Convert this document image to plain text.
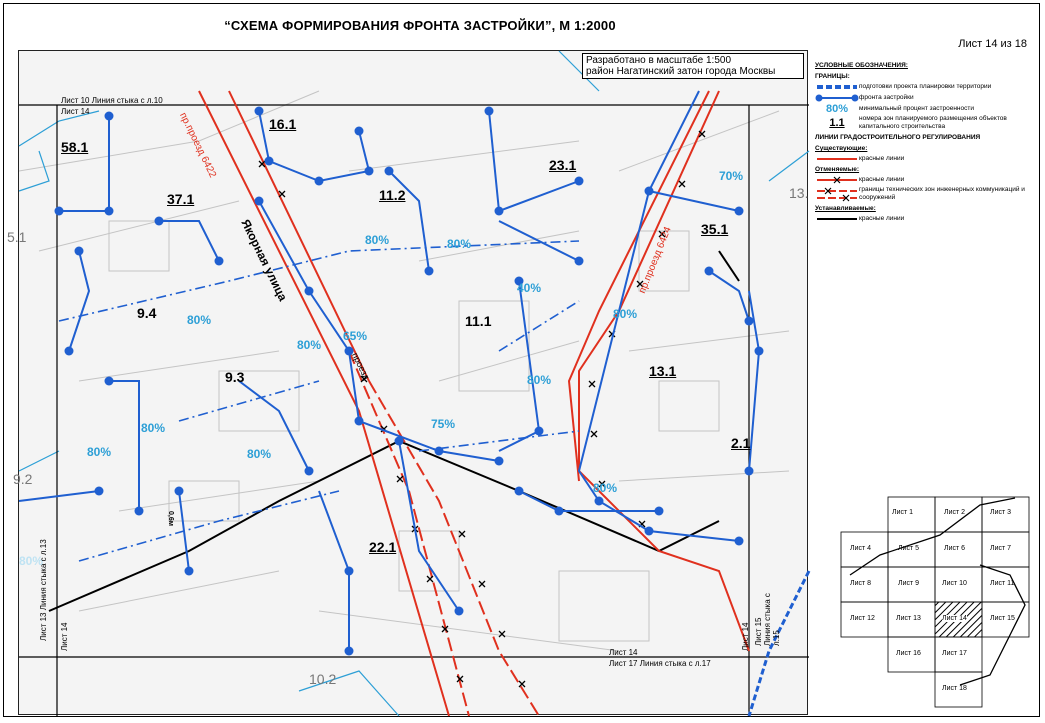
“СХЕМА ФОРМИРОВАНИЯ ФРОНТА ЗАСТРОЙКИ”, М 1:2000
Лист 14 из 18
16.1
58.1
23.1
11.2
37.1
35.1
9.4	11.1
9.3	13.1
2.1
22.1
5.1
13.
9.2
10.2
70%
80%	80%
80%
40%
80%
65%
80%
80%
80%	75%
80%	80%
80%
80%
пр.проезд 6422
Якорная улица	пр.проезд 6424
проезд
Лист 10 Линия стыка с л.10
Лист 14
Лист 13 Линия стыка с л.13 Лист 14	Лист 15 Линия стыка с л.15
Лист 14
Лист 17 Линия стыка с л.17
Лист 14
0,6м
Разработано в масштабе 1:500
район Нагатинский затон города Москвы
УСЛОВНЫЕ ОБОЗНАЧЕНИЯ:
ГРАНИЦЫ:
подготовки проекта планировки территории
фронта застройки
80%	минимальный процент застроенности
1.1	номера зон планируемого размещения объектов капитального строительства
ЛИНИИ ГРАДОСТРОИТЕЛЬНОГО РЕГУЛИРОВАНИЯ
Существующие:
красные линии
Отменяемые:
красные линии
границы технических зон инженерных коммуникаций и сооружений
Устанавливаемые:
красные линии
Лист 1	Лист 2	Лист 3
Лист 4	Лист 5	Лист 6	Лист 7
Лист 8	Лист 9	Лист 10	Лист 11
Лист 12	Лист 13	Лист 14	Лист 15
Лист 16	Лист 17
Лист 18
